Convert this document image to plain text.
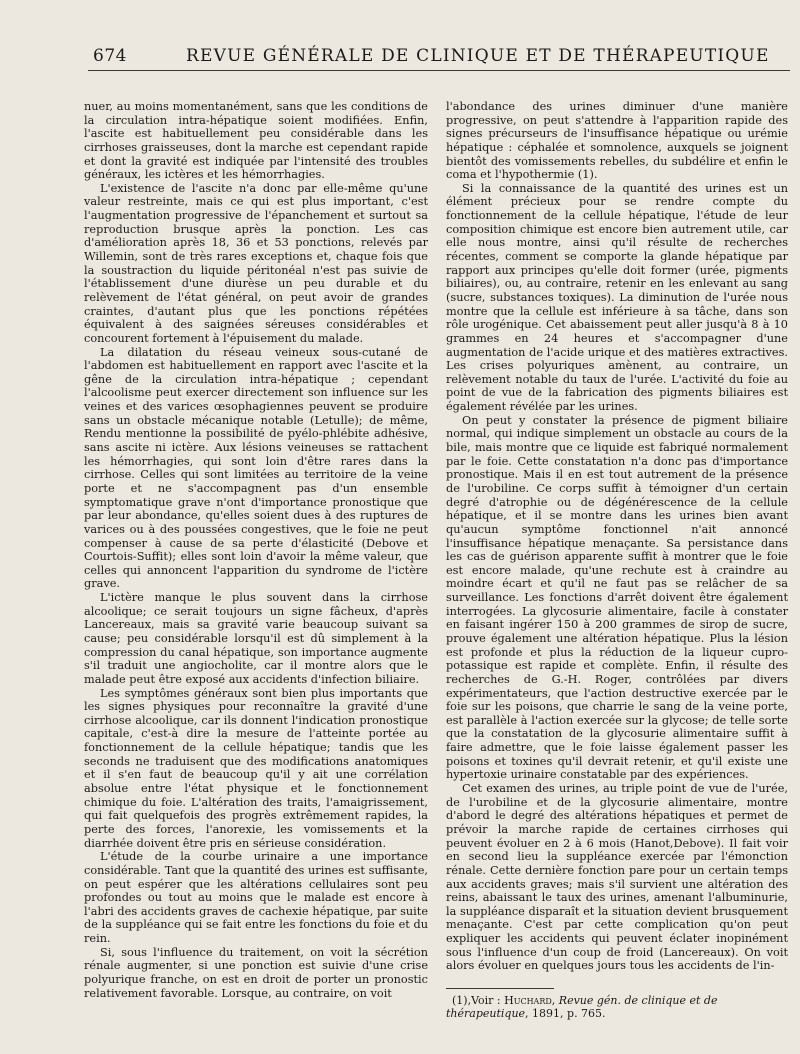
674	REVUE GÉNÉRALE DE CLINIQUE ET DE THÉRAPEUTIQUE

nuer, au moins momentanément, sans que les conditions de la circulation intra-hépatique soient modifiées. Enfin, l'ascite est habituellement peu considérable dans les cirrhoses graisseuses, dont la marche est cependant rapide et dont la gravité est indiquée par l'intensité des troubles généraux, les ictères et les hémorrhagies.

L'existence de l'ascite n'a donc par elle-même qu'une valeur restreinte, mais ce qui est plus important, c'est l'augmentation progressive de l'épanchement et surtout sa reproduction brusque après la ponction. Les cas d'amélioration après 18, 36 et 53 ponctions, relevés par Willemin, sont de très rares exceptions et, chaque fois que la soustraction du liquide péritonéal n'est pas suivie de l'établissement d'une diurèse un peu durable et du relèvement de l'état général, on peut avoir de grandes craintes, d'autant plus que les ponctions répétées équivalent à des saignées séreuses considérables et concourent fortement à l'épuisement du malade.

La dilatation du réseau veineux sous-cutané de l'abdomen est habituellement en rapport avec l'ascite et la gêne de la circulation intra-hépatique ; cependant l'alcoolisme peut exercer directement son influence sur les veines et des varices œsophagiennes peuvent se produire sans un obstacle mécanique notable (Letulle); de même, Rendu mentionne la possibilité de pyélo-phlébite adhésive, sans ascite ni ictère. Aux lésions veineuses se rattachent les hémorrhagies, qui sont loin d'être rares dans la cirrhose. Celles qui sont limitées au territoire de la veine porte et ne s'accompagnent pas d'un ensemble symptomatique grave n'ont d'importance pronostique que par leur abondance, qu'elles soient dues à des ruptures de varices ou à des poussées congestives, que le foie ne peut compenser à cause de sa perte d'élasticité (Debove et Courtois-Suffit); elles sont loin d'avoir la même valeur, que celles qui annoncent l'apparition du syndrome de l'ictère grave.

L'ictère manque le plus souvent dans la cirrhose alcoolique; ce serait toujours un signe fâcheux, d'après Lancereaux, mais sa gravité varie beaucoup suivant sa cause; peu considérable lorsqu'il est dû simplement à la compression du canal hépatique, son importance augmente s'il traduit une angiocholite, car il montre alors que le malade peut être exposé aux accidents d'infection biliaire.

Les symptômes généraux sont bien plus importants que les signes physiques pour reconnaître la gravité d'une cirrhose alcoolique, car ils donnent l'indication pronostique capitale, c'est-à dire la mesure de l'atteinte portée au fonctionnement de la cellule hépatique; tandis que les seconds ne traduisent que des modifications anatomiques et il s'en faut de beaucoup qu'il y ait une corrélation absolue entre l'état physique et le fonctionnement chimique du foie. L'altération des traits, l'amaigrissement, qui fait quelquefois des progrès extrêmement rapides, la perte des forces, l'anorexie, les vomissements et la diarrhée doivent être pris en sérieuse considération.

L'étude de la courbe urinaire a une importance considérable. Tant que la quantité des urines est suffisante, on peut espérer que les altérations cellulaires sont peu profondes ou tout au moins que le malade est encore à l'abri des accidents graves de cachexie hépatique, par suite de la suppléance qui se fait entre les fonctions du foie et du rein.

Si, sous l'influence du traitement, on voit la sécrétion rénale augmenter, si une ponction est suivie d'une crise polyurique franche, on est en droit de porter un pronostic relativement favorable. Lorsque, au contraire, on voit

l'abondance des urines diminuer d'une manière progressive, on peut s'attendre à l'apparition rapide des signes précurseurs de l'insuffisance hépatique ou urémie hépatique : céphalée et somnolence, auxquels se joignent bientôt des vomissements rebelles, du subdélire et enfin le coma et l'hypothermie (1).

Si la connaissance de la quantité des urines est un élément précieux pour se rendre compte du fonctionnement de la cellule hépatique, l'étude de leur composition chimique est encore bien autrement utile, car elle nous montre, ainsi qu'il résulte de recherches récentes, comment se comporte la glande hépatique par rapport aux principes qu'elle doit former (urée, pigments biliaires), ou, au contraire, retenir en les enlevant au sang (sucre, substances toxiques). La diminution de l'urée nous montre que la cellule est inférieure à sa tâche, dans son rôle urogénique. Cet abaissement peut aller jusqu'à 8 à 10 grammes en 24 heures et s'accompagner d'une augmentation de l'acide urique et des matières extractives. Les crises polyuriques amènent, au contraire, un relèvement notable du taux de l'urée. L'activité du foie au point de vue de la fabrication des pigments biliaires est également révélée par les urines.

On peut y constater la présence de pigment biliaire normal, qui indique simplement un obstacle au cours de la bile, mais montre que ce liquide est fabriqué normalement par le foie. Cette constatation n'a donc pas d'importance pronostique. Mais il en est tout autrement de la présence de l'urobiline. Ce corps suffit à témoigner d'un certain degré d'atrophie ou de dégénérescence de la cellule hépatique, et il se montre dans les urines bien avant qu'aucun symptôme fonctionnel n'ait annoncé l'insuffisance hépatique menaçante. Sa persistance dans les cas de guérison apparente suffit à montrer que le foie est encore malade, qu'une rechute est à craindre au moindre écart et qu'il ne faut pas se relâcher de sa surveillance. Les fonctions d'arrêt doivent être également interrogées. La glycosurie alimentaire, facile à constater en faisant ingérer 150 à 200 grammes de sirop de sucre, prouve également une altération hépatique. Plus la lésion est profonde et plus la réduction de la liqueur cupro-potassique est rapide et complète. Enfin, il résulte des recherches de G.-H. Roger, contrôlées par divers expérimentateurs, que l'action destructive exercée par le foie sur les poisons, que charrie le sang de la veine porte, est parallèle à l'action exercée sur la glycose; de telle sorte que la constatation de la glycosurie alimentaire suffit à faire admettre, que le foie laisse également passer les poisons et toxines qu'il devrait retenir, et qu'il existe une hypertoxie urinaire constatable par des expériences.

Cet examen des urines, au triple point de vue de l'urée, de l'urobiline et de la glycosurie alimentaire, montre d'abord le degré des altérations hépatiques et permet de prévoir la marche rapide de certaines cirrhoses qui peuvent évoluer en 2 à 6 mois (Hanot,Debove). Il fait voir en second lieu la suppléance exercée par l'émonction rénale. Cette dernière fonction pare pour un certain temps aux accidents graves; mais s'il survient une altération des reins, abaissant le taux des urines, amenant l'albuminurie, la suppléance disparaît et la situation devient brusquement menaçante. C'est par cette complication qu'on peut expliquer les accidents qui peuvent éclater inopinément sous l'influence d'un coup de froid (Lancereaux). On voit alors évoluer en quelques jours tous les accidents de l'in-

(1),Voir : Huchard, Revue gén. de clinique et de thérapeutique, 1891, p. 765.
